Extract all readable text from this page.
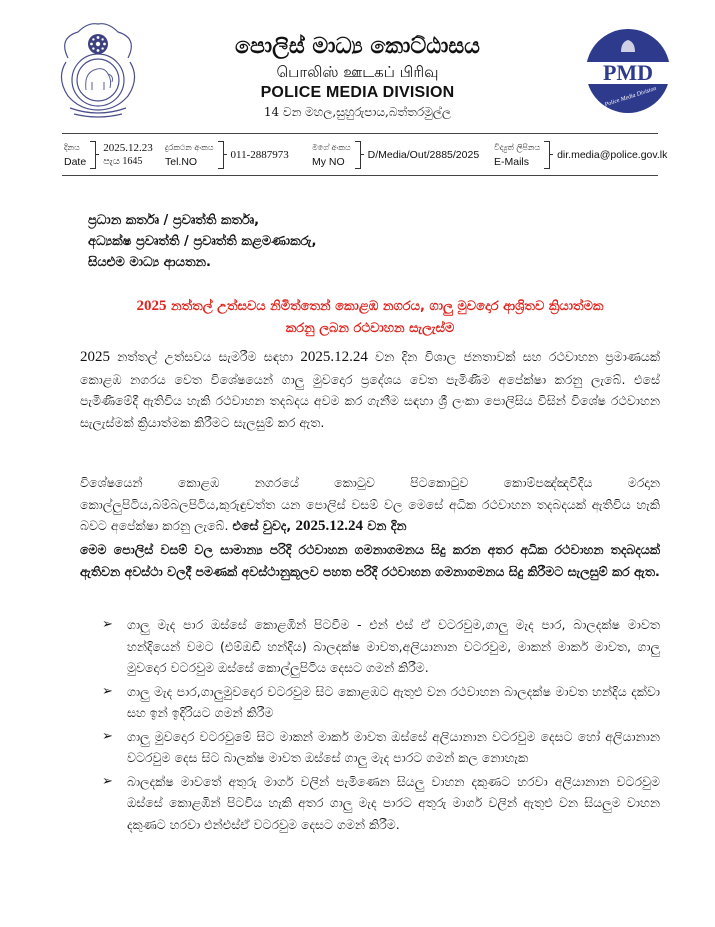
PMD
Police Media Division
පොලිස් මාධ්‍ය කොට්ඨාසය
பொலிஸ் ஊடகப் பிரிவு
POLICE MEDIA DIVISION
14 වන මහල,සුහුරුපාය,බත්තරමුල්ල
දිනය
Date
2025.12.23
පැය 1645
දුරකථන අංකය
Tel.NO
011-2887973
මගේ අංකය
My NO
D/Media/Out/2885/2025
විද්‍යුත් ලිපිනය
E-Mails
dir.media@police.gov.lk
ප්‍රධාන කර්තෘ / ප්‍රවෘත්ති කර්තෘ,
අධ්‍යක්ෂ ප්‍රවෘත්ති / ප්‍රවෘත්ති කළමණාකරු,
සියළුම මාධ්‍ය ආයතන.
2025 නත්තල් උත්සවය නිමිත්තෙන් කොළඹ නගරය, ගාලු මුවදොර ආශ්‍රිතව ක්‍රියාත්මක
කරනු ලබන රථවාහන සැලැස්ම
2025 නත්තල් උත්සවය සැමරීම සඳහා 2025.12.24 වන දින විශාල ජනතාවක් සහ රථවාහන ප්‍රමාණයක් කොළඹ නගරය වෙත විශේෂයෙන් ගාලු මුවදොර ප්‍රදේශය වෙත පැමිණීම අපේක්ෂා කරනු ලැබේ. එසේ පැමිණීමේදී ඇතිවිය හැකි රථවාහන තදබදය අවම කර ගැනීම සඳහා ශ්‍රී ලංකා පොලිසිය විසින් විශේෂ රථවාහන සැලැස්මක් ක්‍රියාත්මක කිරීමට සැලසුම් කර ඇත.
විශේෂයෙන් කොළඹ නගරයේ කොටුව පිටකොටුව කොම්පඤ්ඤවීදිය මරදාන කොල්ලුපිටිය,බම්බලපිටිය,කුරුඳුවත්ත යන පොලිස් වසම් වල මෙසේ අධික රථවාහන තදබදයක් ඇතිවිය හැකි බවට අපේක්ෂා කරනු ලැබේ. එසේ වුවද, 2025.12.24 වන දින
මෙම පොලිස් වසම් වල සාමාන්‍ය පරිදි රථවාහන ගමනාගමනය සිදු කරන අතර අධික රථවාහන තදබදයක් ඇතිවන අවස්ථා වලදී පමණක් අවස්ථානුකූලව පහත පරිදි රථවාහන ගමනාගමනය සිදු කිරීමට සැලසුම් කර ඇත.
➢ ගාලු මැද පාර ඔස්සේ කොළඹින් පිටවීම - එන් එස් ඒ වටරවුම,ගාලු මැද පාර, බාලදක්ෂ මාවත හන්දියෙන් වමට (එම්ඔඩී හන්දිය) බාලදක්ෂ මාවත,අලියානාන වටරවුම, මාකන් මාකර් මාවත, ගාලු මුවදොර වටරවුම ඔස්සේ කොල්ලුපිටිය දෙසට ගමන් කිරීම.
➢ ගාලු මැද පාර,ගාලුමුවදොර වටරවුම සිට කොළඹට ඇතුළු වන රථවාහන බාලදක්ෂ මාවත හන්දිය දක්වා සහ ඉන් ඉදිරියට ගමන් කිරීම
➢ ගාලු මුවදොර වටරවුමේ සිට මාකන් මාකර් මාවත ඔස්සේ අලියානාන වටරවුම දෙසට හෝ අලියානාන වටරවුම දෙස සිට බාලක්ෂ මාවත ඔස්සේ ගාලු මැද පාරට ගමන් කල නොහැක
➢ බාලදක්ෂ මාවතේ අතුරු මාර්ග වලින් පැමිණෙන සියලු වාහන දකුණට හරවා අලියානාන වටරවුම ඔස්සේ කොළඹින් පිටවිය හැකි අතර ගාලු මැද පාරට අතුරු මාර්ග වලින් ඇතුළු වන සියලුම වාහන දකුණට හරවා එන්එස්ඒ වටරවුම දෙසට ගමන් කිරීම.
